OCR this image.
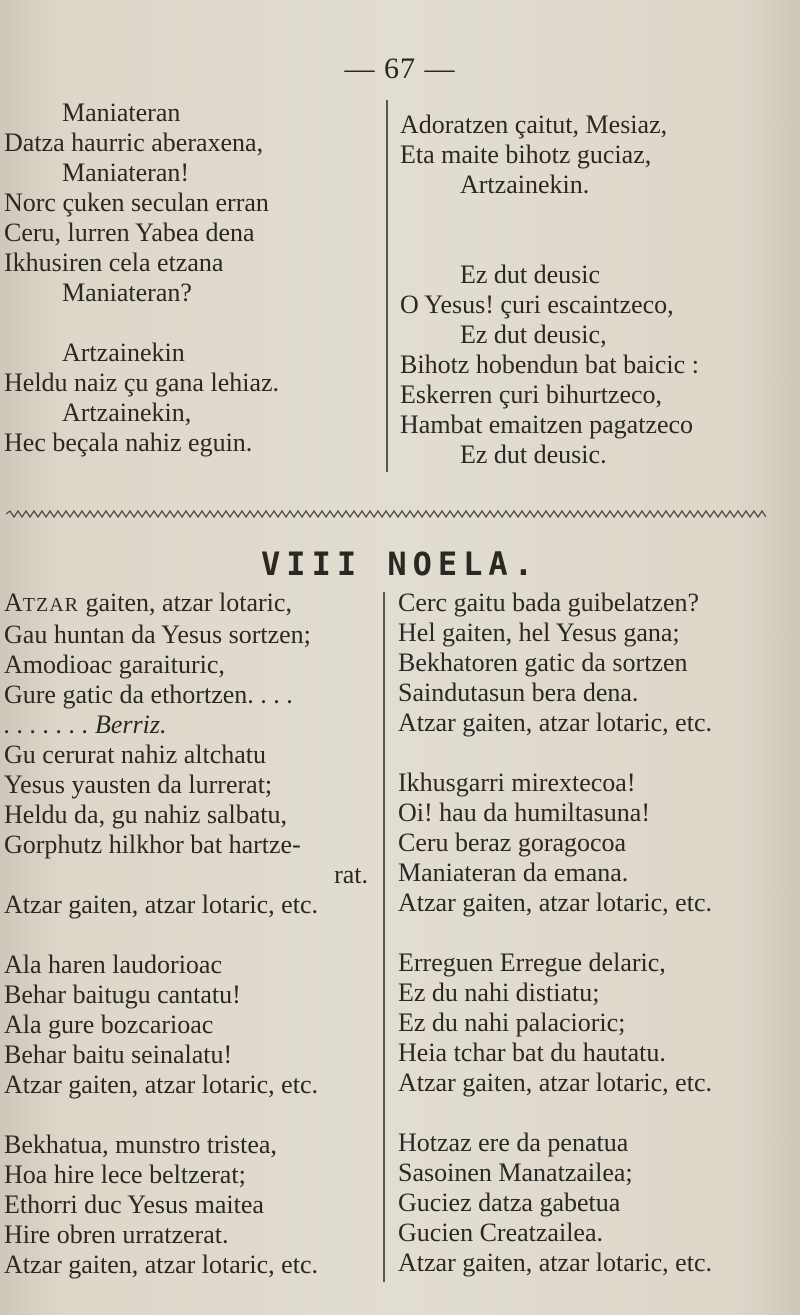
— 67 —
Maniateran
Datza haurric aberaxena,
Maniateran!
Norc çuken seculan erran
Ceru, lurren Yabea dena
Ikhusiren cela etzana
Maniateran?
Artzainekin
Heldu naiz çu gana lehiaz.
Artzainekin,
Hec beçala nahiz eguin.
Adoratzen çaitut, Mesiaz,
Eta maite bihotz guciaz,
Artzainekin.
Ez dut deusic
O Yesus! çuri escaintzeco,
Ez dut deusic,
Bihotz hobendun bat baicic :
Eskerren çuri bihurtzeco,
Hambat emaitzen pagatzeco
Ez dut deusic.
VIII NOELA.
ATZAR gaiten, atzar lotaric,
Gau huntan da Yesus sortzen;
Amodioac garaituric,
Gure gatic da ethortzen. . . .
. . . . . . . Berriz.
Gu cerurat nahiz altchatu
Yesus yausten da lurrerat;
Heldu da, gu nahiz salbatu,
Gorphutz hilkhor bat hartze-
rat.
Atzar gaiten, atzar lotaric, etc.
Ala haren laudorioac
Behar baitugu cantatu!
Ala gure bozcarioac
Behar baitu seinalatu!
Atzar gaiten, atzar lotaric, etc.
Bekhatua, munstro tristea,
Hoa hire lece beltzerat;
Ethorri duc Yesus maitea
Hire obren urratzerat.
Atzar gaiten, atzar lotaric, etc.
Cerc gaitu bada guibelatzen?
Hel gaiten, hel Yesus gana;
Bekhatoren gatic da sortzen
Saindutasun bera dena.
Atzar gaiten, atzar lotaric, etc.
Ikhusgarri mirextecoa!
Oi! hau da humiltasuna!
Ceru beraz goragocoa
Maniateran da emana.
Atzar gaiten, atzar lotaric, etc.
Erreguen Erregue delaric,
Ez du nahi distiatu;
Ez du nahi palacioric;
Heia tchar bat du hautatu.
Atzar gaiten, atzar lotaric, etc.
Hotzaz ere da penatua
Sasoinen Manatzailea;
Guciez datza gabetua
Gucien Creatzailea.
Atzar gaiten, atzar lotaric, etc.
